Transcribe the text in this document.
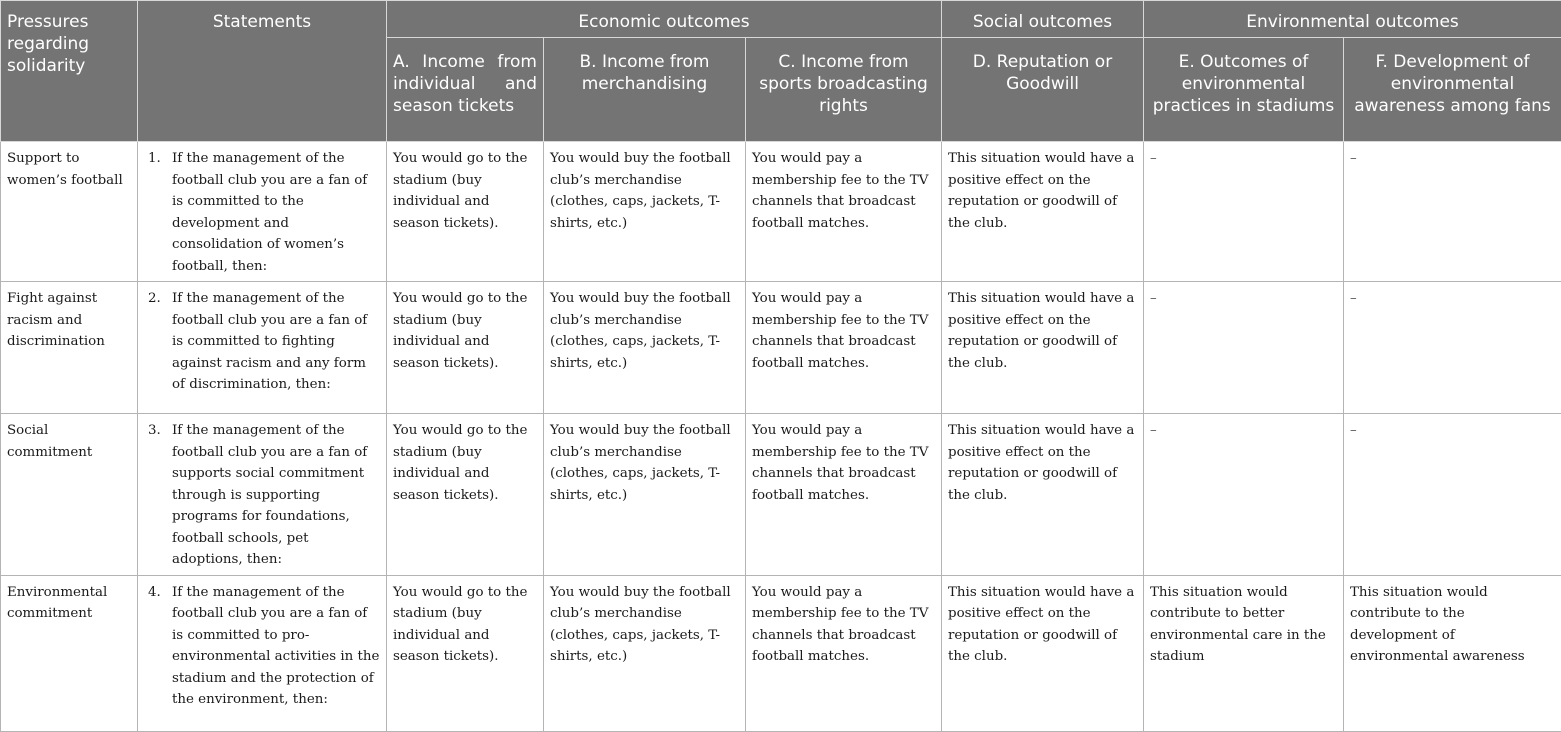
Pressures regarding solidarity	Statements	Economic outcomes			Social outcomes	Environmental outcomes	
		A. Income from individual and season tickets	B. Income from merchandising	C. Income from sports broadcasting rights	D. Reputation or Goodwill	E. Outcomes of environmental practices in stadiums	F. Development of environmental awareness among fans
Support to women’s football	1. If the management of the football club you are a fan of is committed to the development and consolidation of women’s football, then:	You would go to the stadium (buy individual and season tickets).	You would buy the football club’s merchandise (clothes, caps, jackets, T-shirts, etc.)	You would pay a membership fee to the TV channels that broadcast football matches.	This situation would have a positive effect on the reputation or goodwill of the club.	–	–
Fight against racism and discrimination	2. If the management of the football club you are a fan of is committed to fighting against racism and any form of discrimination, then:	You would go to the stadium (buy individual and season tickets).	You would buy the football club’s merchandise (clothes, caps, jackets, T-shirts, etc.)	You would pay a membership fee to the TV channels that broadcast football matches.	This situation would have a positive effect on the reputation or goodwill of the club.	–	–
Social commitment	3. If the management of the football club you are a fan of supports social commitment through is supporting programs for foundations, football schools, pet adoptions, then:	You would go to the stadium (buy individual and season tickets).	You would buy the football club’s merchandise (clothes, caps, jackets, T-shirts, etc.)	You would pay a membership fee to the TV channels that broadcast football matches.	This situation would have a positive effect on the reputation or goodwill of the club.	–	–
Environmental commitment	4. If the management of the football club you are a fan of is committed to pro-environmental activities in the stadium and the protection of the environment, then:	You would go to the stadium (buy individual and season tickets).	You would buy the football club’s merchandise (clothes, caps, jackets, T-shirts, etc.)	You would pay a membership fee to the TV channels that broadcast football matches.	This situation would have a positive effect on the reputation or goodwill of the club.	This situation would contribute to better environmental care in the stadium	This situation would contribute to the development of environmental awareness
